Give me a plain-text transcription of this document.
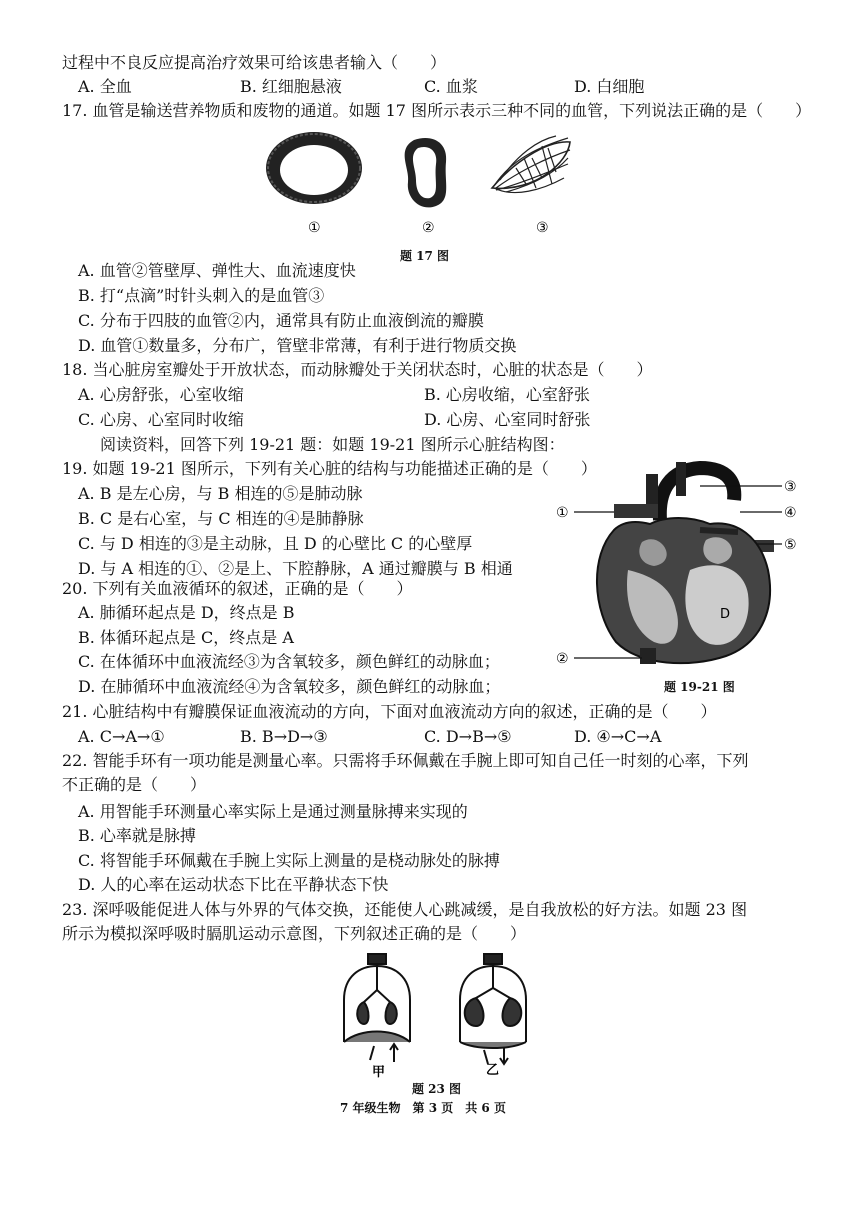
过程中不良反应提高治疗效果可给该患者输入（　　）
A. 全血	B. 红细胞悬液	C. 血浆	D. 白细胞
17. 血管是输送营养物质和废物的通道。如题 17 图所示表示三种不同的血管，下列说法正确的是（　　）
①	②	③
题 17 图
A. 血管②管壁厚、弹性大、血流速度快
B. 打“点滴”时针头刺入的是血管③
C. 分布于四肢的血管②内，通常具有防止血液倒流的瓣膜
D. 血管①数量多，分布广，管壁非常薄，有利于进行物质交换
18. 当心脏房室瓣处于开放状态，而动脉瓣处于关闭状态时，心脏的状态是（　　）
A. 心房舒张，心室收缩	B. 心房收缩，心室舒张
C. 心房、心室同时收缩	D. 心房、心室同时舒张
阅读资料，回答下列 19-21 题：如题 19-21 图所示心脏结构图：
19. 如题 19-21 图所示，下列有关心脏的结构与功能描述正确的是（　　）
A. B 是左心房，与 B 相连的⑤是肺动脉
B. C 是右心室，与 C 相连的④是肺静脉
C. 与 D 相连的③是主动脉，且 D 的心壁比 C 的心壁厚
D. 与 A 相连的①、②是上、下腔静脉，A 通过瓣膜与 B 相通
③
①	④
⑤
D
②
题 19-21 图
20. 下列有关血液循环的叙述，正确的是（　　）
A. 肺循环起点是 D，终点是 B
B. 体循环起点是 C，终点是 A
C. 在体循环中血液流经③为含氧较多，颜色鲜红的动脉血；
D. 在肺循环中血液流经④为含氧较多，颜色鲜红的动脉血；
21. 心脏结构中有瓣膜保证血液流动的方向，下面对血液流动方向的叙述，正确的是（　　）
A. C→A→①	B. B→D→③	C. D→B→⑤	D. ④→C→A
22. 智能手环有一项功能是测量心率。只需将手环佩戴在手腕上即可知自己任一时刻的心率，下列
不正确的是（　　）
A. 用智能手环测量心率实际上是通过测量脉搏来实现的
B. 心率就是脉搏
C. 将智能手环佩戴在手腕上实际上测量的是桡动脉处的脉搏
D. 人的心率在运动状态下比在平静状态下快
23. 深呼吸能促进人体与外界的气体交换，还能使人心跳减缓，是自我放松的好方法。如题 23 图
所示为模拟深呼吸时膈肌运动示意图，下列叙述正确的是（　　）
甲	乙
题 23 图
7 年级生物　第 3 页　共 6 页
